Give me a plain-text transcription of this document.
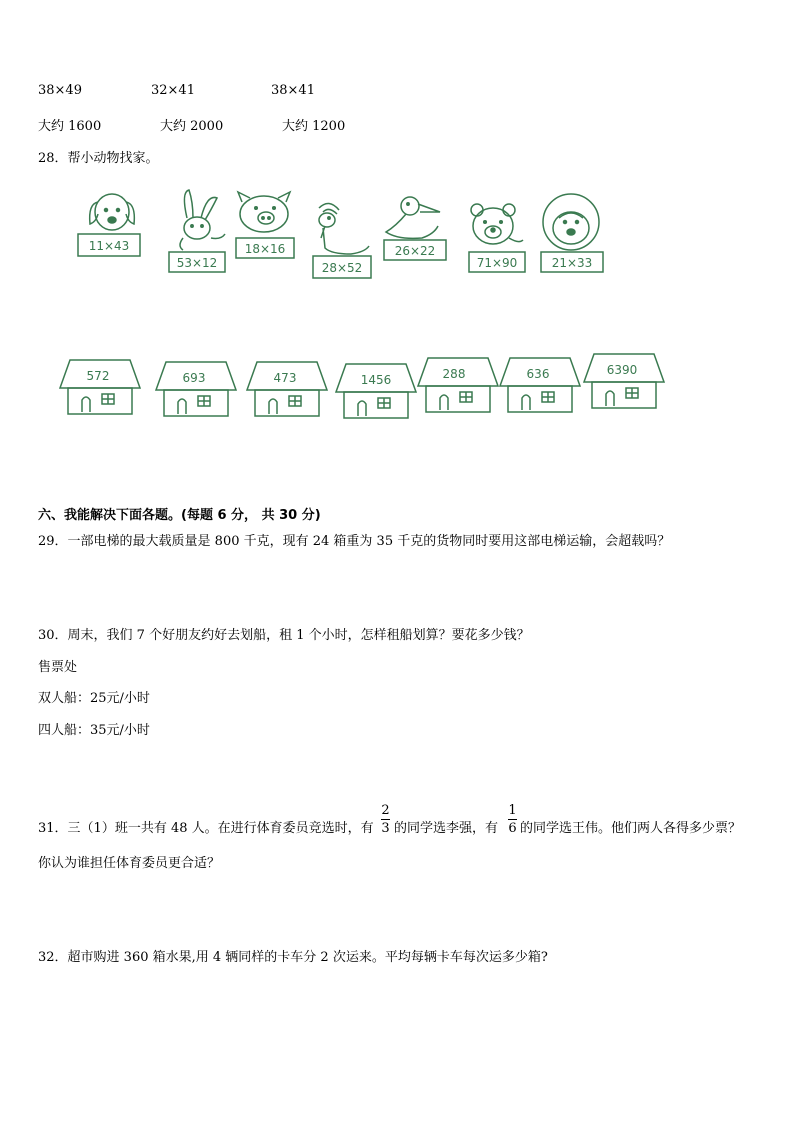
38×49	32×41	38×41
大约 1600	大约 2000	大约 1200
28．帮小动物找家。
11×43
53×12
18×16
28×52
26×22
71×90	21×33
572	693	473	1456	288	636	6390
六、我能解决下面各题。(每题 6 分， 共 30 分)
29．一部电梯的最大载质量是 800 千克，现有 24 箱重为 35 千克的货物同时要用这部电梯运输，会超载吗？
30．周末，我们 7 个好朋友约好去划船，租 1 个小时，怎样租船划算？要花多少钱？
售票处
双人船：25元/小时
四人船：35元/小时
31．三（1）班一共有 48 人。在进行体育委员竞选时，有
2
3 的同学选李强，有
1
6 的同学选王伟。他们两人各得多少票？
你认为谁担任体育委员更合适？
32．超市购进 360 箱水果,用 4 辆同样的卡车分 2 次运来。平均每辆卡车每次运多少箱?
